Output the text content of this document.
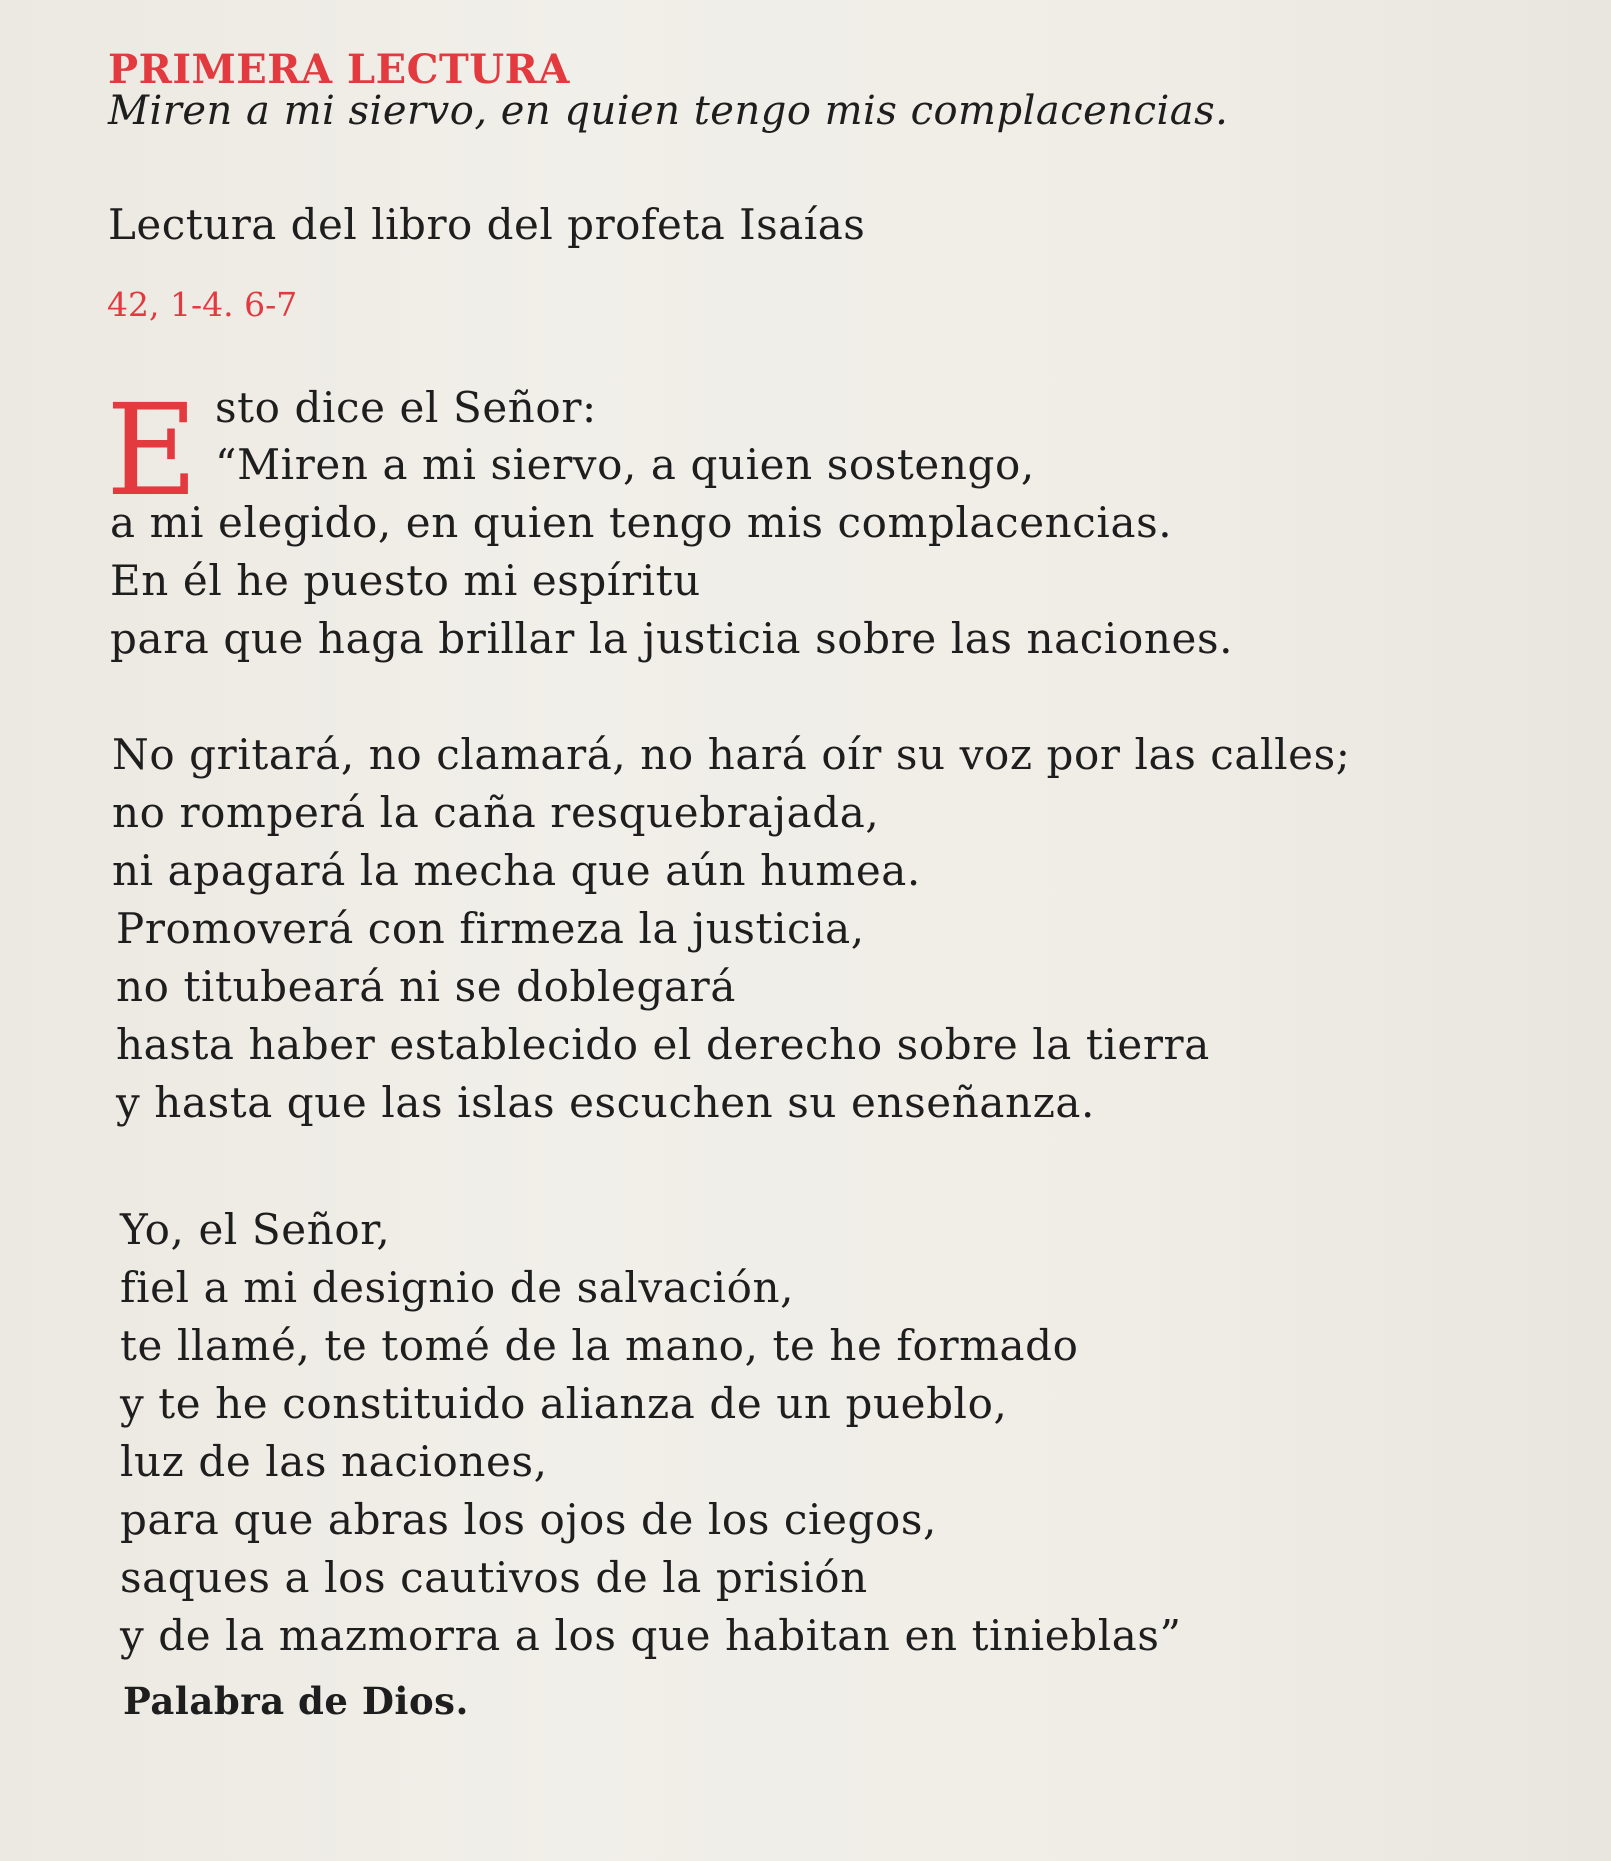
PRIMERA LECTURA
Miren a mi siervo, en quien tengo mis complacencias.
Lectura del libro del profeta Isaías
42, 1-4. 6-7
E sto dice el Señor:
“Miren a mi siervo, a quien sostengo,
a mi elegido, en quien tengo mis complacencias.
En él he puesto mi espíritu
para que haga brillar la justicia sobre las naciones.
No gritará, no clamará, no hará oír su voz por las calles;
no romperá la caña resquebrajada,
ni apagará la mecha que aún humea.
Promoverá con firmeza la justicia,
no titubeará ni se doblegará
hasta haber establecido el derecho sobre la tierra
y hasta que las islas escuchen su enseñanza.
Yo, el Señor,
fiel a mi designio de salvación,
te llamé, te tomé de la mano, te he formado
y te he constituido alianza de un pueblo,
luz de las naciones,
para que abras los ojos de los ciegos,
saques a los cautivos de la prisión
y de la mazmorra a los que habitan en tinieblas”
Palabra de Dios.
